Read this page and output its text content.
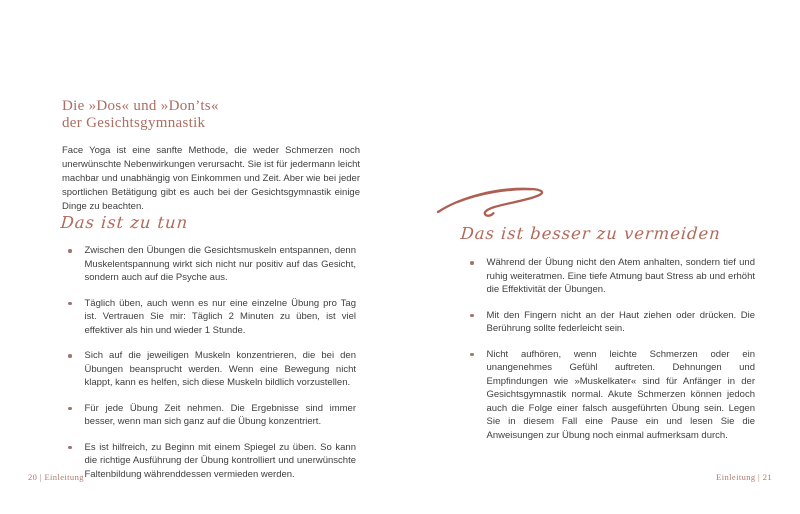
Die »Dos« und »Don’ts«
der Gesichtsgymnastik

Face Yoga ist eine sanfte Methode, die weder Schmerzen noch unerwünschte Nebenwirkungen verursacht. Sie ist für jedermann leicht machbar und unabhängig von Einkommen und Zeit. Aber wie bei jeder sportlichen Betätigung gibt es auch bei der Gesichtsgymnastik einige Dinge zu beachten.

Das ist zu tun
Zwischen den Übungen die Gesichtsmuskeln entspannen, denn Muskelentspannung wirkt sich nicht nur positiv auf das Gesicht, sondern auch auf die Psyche aus.
Täglich üben, auch wenn es nur eine einzelne Übung pro Tag ist. Vertrauen Sie mir: Täglich 2 Minuten zu üben, ist viel effektiver als hin und wieder 1 Stunde.
Sich auf die jeweiligen Muskeln konzentrieren, die bei den Übungen beansprucht werden. Wenn eine Bewegung nicht klappt, kann es helfen, sich diese Muskeln bildlich vorzustellen.
Für jede Übung Zeit nehmen. Die Ergebnisse sind immer besser, wenn man sich ganz auf die Übung konzentriert.
Es ist hilfreich, zu Beginn mit einem Spiegel zu üben. So kann die richtige Ausführung der Übung kontrolliert und unerwünschte Faltenbildung währenddessen vermieden werden.
20 | Einleitung
Das ist besser zu vermeiden
Während der Übung nicht den Atem anhalten, sondern tief und ruhig weiteratmen. Eine tiefe Atmung baut Stress ab und erhöht die Effektivität der Übungen.
Mit den Fingern nicht an der Haut ziehen oder drücken. Die Berührung sollte federleicht sein.
Nicht aufhören, wenn leichte Schmerzen oder ein unangenehmes Gefühl auftreten. Dehnungen und Empfindungen wie »Muskelkater« sind für Anfänger in der Gesichtsgymnastik normal. Akute Schmerzen können jedoch auch die Folge einer falsch ausgeführten Übung sein. Legen Sie in diesem Fall eine Pause ein und lesen Sie die Anweisungen zur Übung noch einmal aufmerksam durch.
Einleitung | 21
